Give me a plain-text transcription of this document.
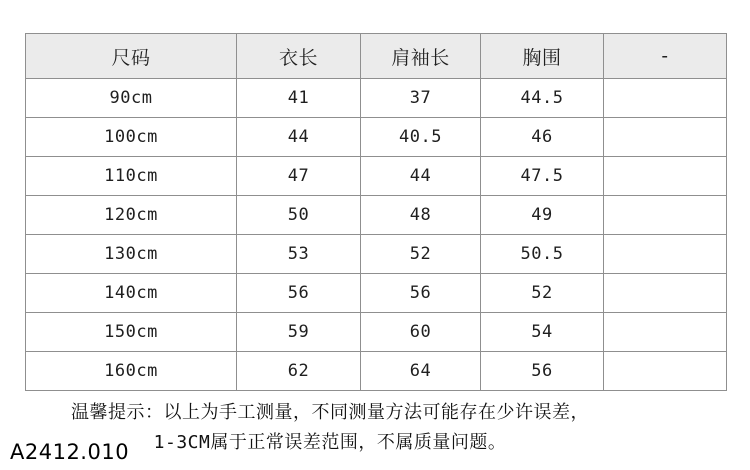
尺码	衣长	肩袖长	胸围	-
90cm	41	37	44.5	
100cm	44	40.5	46	
110cm	47	44	47.5	
120cm	50	48	49	
130cm	53	52	50.5	
140cm	56	56	52	
150cm	59	60	54	
160cm	62	64	56	
温馨提示：以上为手工测量，不同测量方法可能存在少许误差，
1-3CM属于正常误差范围，不属质量问题。
A2412.010
